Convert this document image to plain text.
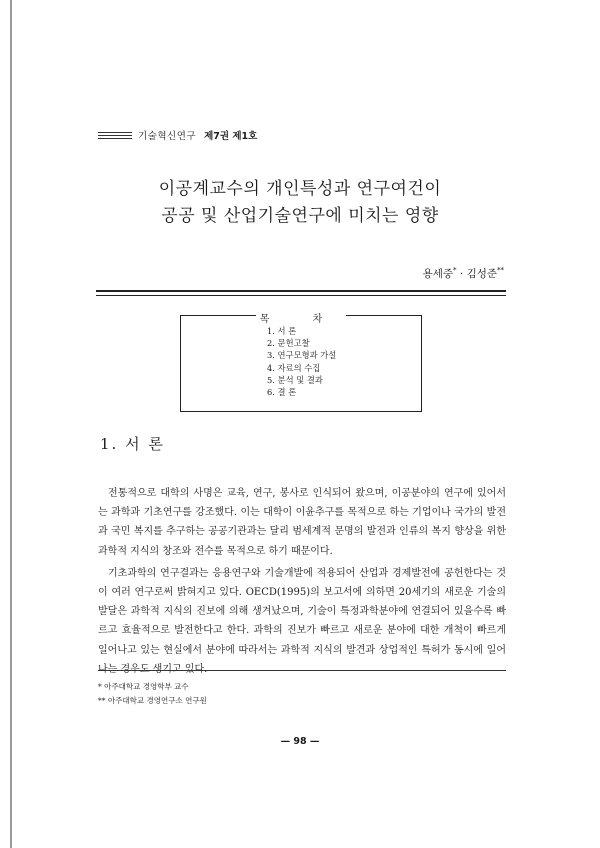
기술혁신연구 제7권 제1호
이공계교수의 개인특성과 연구여건이
공공 및 산업기술연구에 미치는 영향
용세중* · 김성준**
목 차
1. 서 론
2. 문헌고찰
3. 연구모형과 가설
4. 자료의 수집
5. 분석 및 결과
6. 결 론
1. 서 론

전통적으로 대학의 사명은 교육, 연구, 봉사로 인식되어 왔으며, 이공분야의 연구에 있어서는 과학과 기초연구를 강조했다. 이는 대학이 이윤추구를 목적으로 하는 기업이나 국가의 발전과 국민 복지를 추구하는 공공기관과는 달리 범세계적 문명의 발전과 인류의 복지 향상을 위한 과학적 지식의 창조와 전수를 목적으로 하기 때문이다.

기초과학의 연구결과는 응용연구와 기술개발에 적용되어 산업과 경제발전에 공헌한다는 것이 여러 연구로써 밝혀지고 있다. OECD(1995)의 보고서에 의하면 20세기의 새로운 기술의 발달은 과학적 지식의 진보에 의해 생겨났으며, 기술이 특정과학분야에 연결되어 있을수록 빠르고 효율적으로 발전한다고 한다. 과학의 진보가 빠르고 새로운 분야에 대한 개척이 빠르게 일어나고 있는 현실에서 분야에 따라서는 과학적 지식의 발견과 상업적인 특허가 동시에 일어

* 아주대학교 경영학부 교수
** 아주대학교 경영연구소 연구원
— 98 —
